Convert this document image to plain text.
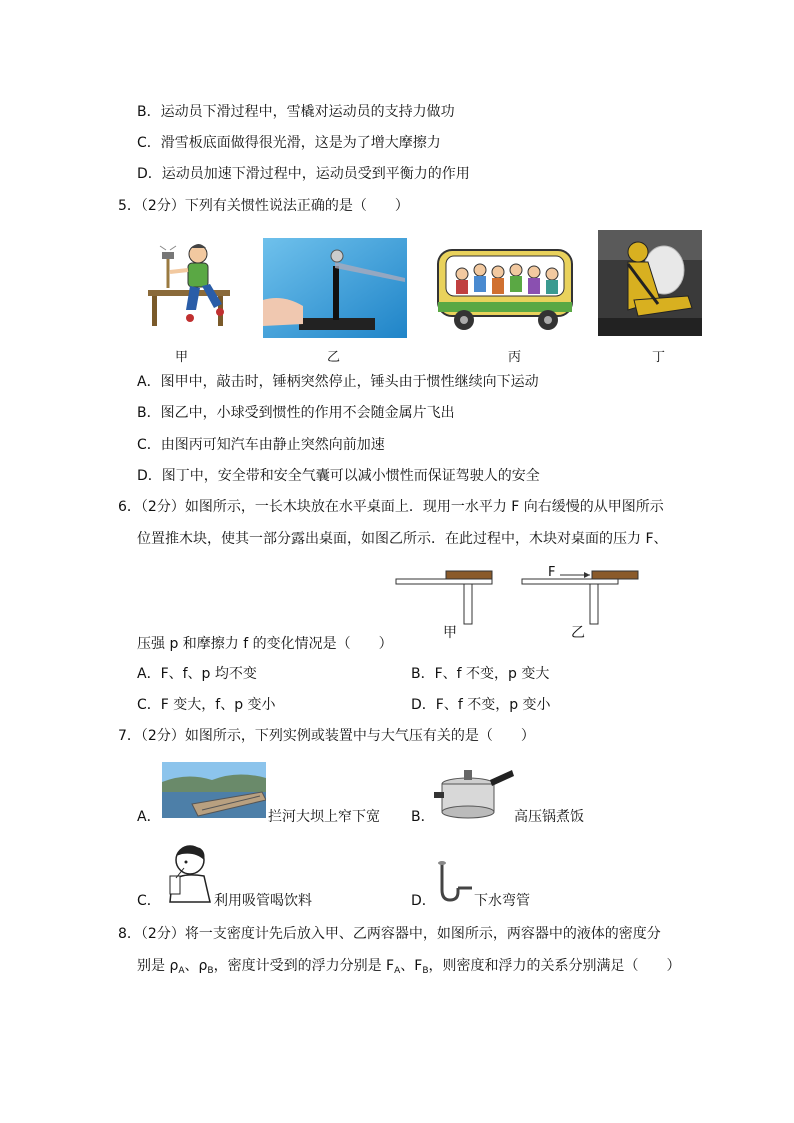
B．运动员下滑过程中，雪橇对运动员的支持力做功
C．滑雪板底面做得很光滑，这是为了增大摩擦力
D．运动员加速下滑过程中，运动员受到平衡力的作用
5．（2分）下列有关惯性说法正确的是（　　）
甲	乙	丙	丁
A．图甲中，敲击时，锤柄突然停止，锤头由于惯性继续向下运动
B．图乙中，小球受到惯性的作用不会随金属片飞出
C．由图丙可知汽车由静止突然向前加速
D．图丁中，安全带和安全气囊可以减小惯性而保证驾驶人的安全
6．（2分）如图所示，一长木块放在水平桌面上．现用一水平力 F 向右缓慢的从甲图所示
位置推木块，使其一部分露出桌面，如图乙所示．在此过程中，木块对桌面的压力 F、
F
甲	乙
压强 p 和摩擦力 f 的变化情况是（　　）
A．F、f、p 均不变	B．F、f 不变，p 变大
C．F 变大，f、p 变小	D．F、f 不变，p 变小
7．（2分）如图所示，下列实例或装置中与大气压有关的是（　　）
A．	拦河大坝上窄下宽 B．	高压锅煮饭
C．	利用吸管喝饮料	D．	下水弯管
8．（2分）将一支密度计先后放入甲、乙两容器中，如图所示，两容器中的液体的密度分
别是 $\rho_A$、$\rho_B$，密度计受到的浮力分别是 $F_A$、$F_B$，则密度和浮力的关系分别满足（　　）
